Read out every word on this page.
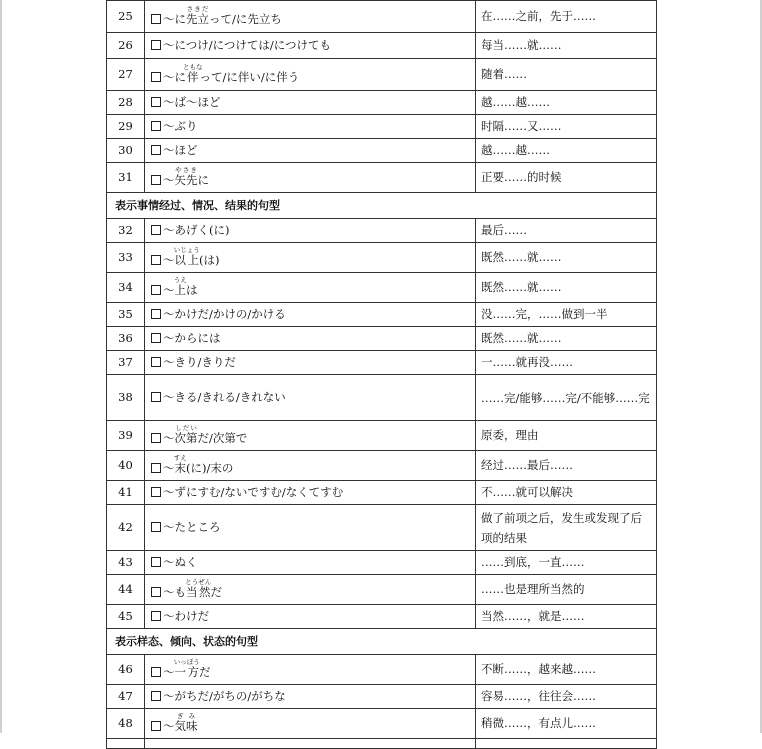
25	～に先立さきだって/に先立ち	在……之前，先于……
26	～につけ/につけては/につけても	每当……就……
27	～に伴ともなって/に伴い/に伴う	随着……
28	～ば～ほど	越……越……
29	～ぶり	时隔……又……
30	～ほど	越……越……
31	～矢先やさきに	正要……的时候
表示事情经过、情况、结果的句型		
32	～あげく(に)	最后……
33	～以上いじょう(は)	既然……就……
34	～上うえは	既然……就……
35	～かけだ/かけの/かける	没……完，……做到一半
36	～からには	既然……就……
37	～きり/きりだ	一……就再没……
38	～きる/きれる/きれない	……完/能够……完/不能够……完
39	～次第しだいだ/次第で	原委，理由
40	～末すえ(に)/末の	经过……最后……
41	～ずにすむ/ないですむ/なくてすむ	不……就可以解决
42	～たところ	做了前项之后，发生或发现了后项的结果
43	～ぬく	……到底，一直……
44	～も当然とうぜんだ	……也是理所当然的
45	～わけだ	当然……，就是……
表示样态、倾向、状态的句型		
46	～一方いっぽうだ	不断……，越来越……
47	～がちだ/がちの/がちな	容易……，往往会……
48	～気味ぎみ	稍微……，有点儿……
